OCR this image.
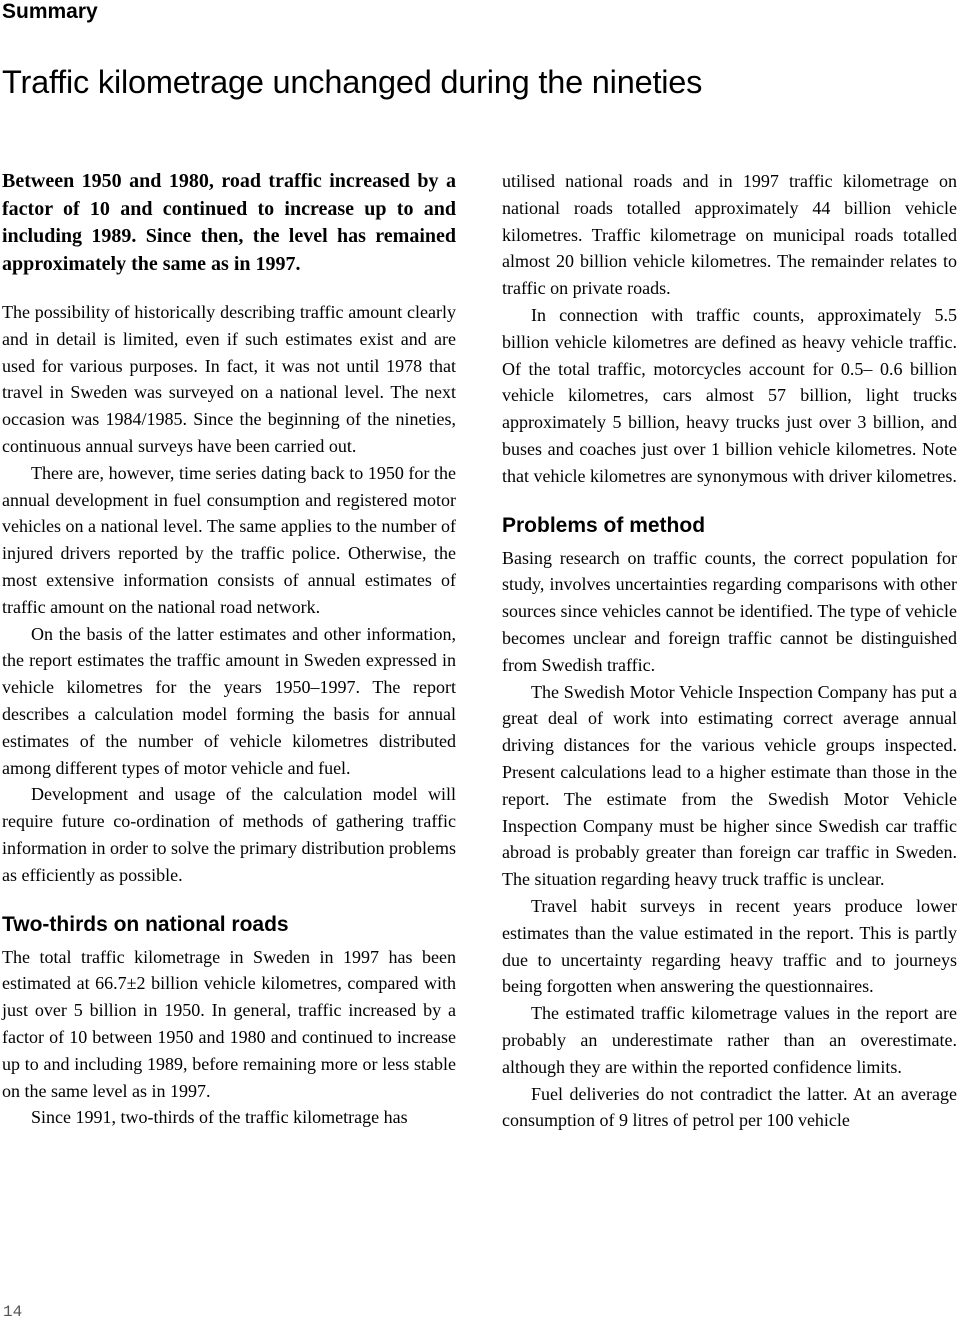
Summary
Traffic kilometrage unchanged during the nineties

Between 1950 and 1980, road traffic increased by a factor of 10 and continued to increase up to and including 1989. Since then, the level has remained approximately the same as in 1997.

The possibility of historically describing traffic amount clearly and in detail is limited, even if such estimates exist and are used for various purposes. In fact, it was not until 1978 that travel in Sweden was surveyed on a national level. The next occasion was 1984/1985. Since the beginning of the nineties, continuous annual surveys have been carried out.

There are, however, time series dating back to 1950 for the annual development in fuel consumption and registered motor vehicles on a national level. The same applies to the number of injured drivers reported by the traffic police. Otherwise, the most extensive information consists of annual estimates of traffic amount on the national road network.

On the basis of the latter estimates and other information, the report estimates the traffic amount in Sweden expressed in vehicle kilometres for the years 1950–1997. The report describes a calculation model forming the basis for annual estimates of the number of vehicle kilometres distributed among different types of motor vehicle and fuel.

Development and usage of the calculation model will require future co-ordination of methods of gathering traffic information in order to solve the primary distribution problems as efficiently as possible.

Two-thirds on national roads

The total traffic kilometrage in Sweden in 1997 has been estimated at 66.7±2 billion vehicle kilometres, compared with just over 5 billion in 1950. In general, traffic increased by a factor of 10 between 1950 and 1980 and continued to increase up to and including 1989, before remaining more or less stable on the same level as in 1997.

Since 1991, two-thirds of the traffic kilometrage has

utilised national roads and in 1997 traffic kilometrage on national roads totalled approximately 44 billion vehicle kilometres. Traffic kilometrage on municipal roads totalled almost 20 billion vehicle kilometres. The remainder relates to traffic on private roads.

In connection with traffic counts, approximately 5.5 billion vehicle kilometres are defined as heavy vehicle traffic. Of the total traffic, motorcycles account for 0.5– 0.6 billion vehicle kilometres, cars almost 57 billion, light trucks approximately 5 billion, heavy trucks just over 3 billion, and buses and coaches just over 1 billion vehicle kilometres. Note that vehicle kilometres are synonymous with driver kilometres.

Problems of method

Basing research on traffic counts, the correct population for study, involves uncertainties regarding comparisons with other sources since vehicles cannot be identified. The type of vehicle becomes unclear and foreign traffic cannot be distinguished from Swedish traffic.

The Swedish Motor Vehicle Inspection Company has put a great deal of work into estimating correct average annual driving distances for the various vehicle groups inspected. Present calculations lead to a higher estimate than those in the report. The estimate from the Swedish Motor Vehicle Inspection Company must be higher since Swedish car traffic abroad is probably greater than foreign car traffic in Sweden. The situation regarding heavy truck traffic is unclear.

Travel habit surveys in recent years produce lower estimates than the value estimated in the report. This is partly due to uncertainty regarding heavy traffic and to journeys being forgotten when answering the questionnaires.

The estimated traffic kilometrage values in the report are probably an underestimate rather than an overestimate. although they are within the reported confidence limits.

Fuel deliveries do not contradict the latter. At an average consumption of 9 litres of petrol per 100 vehicle

14
